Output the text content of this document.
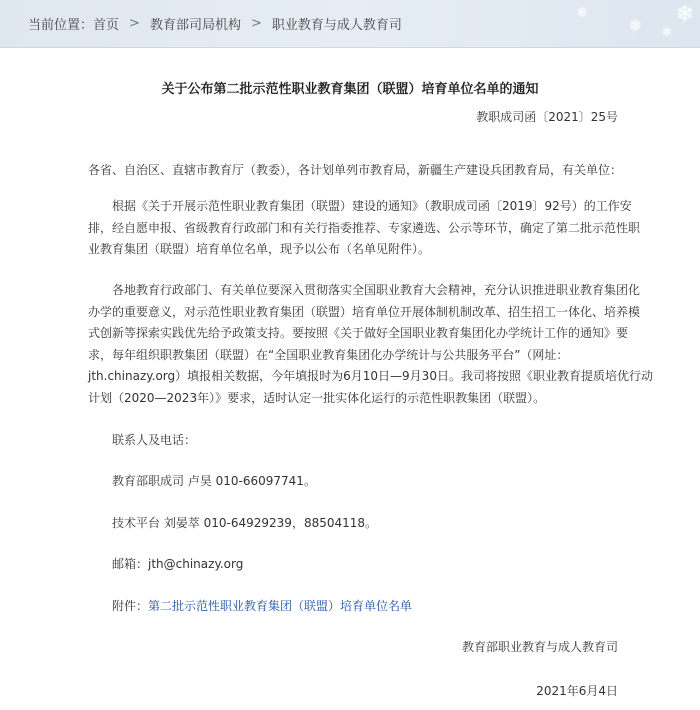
当前位置： 首页 > 教育部司局机构 > 职业教育与成人教育司	❄
❄
❄
❄
关于公布第二批示范性职业教育集团（联盟）培育单位名单的通知
教职成司函〔2021〕25号
各省、自治区、直辖市教育厅（教委），各计划单列市教育局，新疆生产建设兵团教育局，有关单位：
根据《关于开展示范性职业教育集团（联盟）建设的通知》（教职成司函〔2019〕92号）的工作安
排，经自愿申报、省级教育行政部门和有关行指委推荐、专家遴选、公示等环节，确定了第二批示范性职
业教育集团（联盟）培育单位名单，现予以公布（名单见附件）。
各地教育行政部门、有关单位要深入贯彻落实全国职业教育大会精神，充分认识推进职业教育集团化
办学的重要意义，对示范性职业教育集团（联盟）培育单位开展体制机制改革、招生招工一体化、培养模
式创新等探索实践优先给予政策支持。要按照《关于做好全国职业教育集团化办学统计工作的通知》要
求，每年组织职教集团（联盟）在“全国职业教育集团化办学统计与公共服务平台”（网址：
jth.chinazy.org）填报相关数据，今年填报时为6月10日—9月30日。我司将按照《职业教育提质培优行动
计划（2020—2023年）》要求，适时认定一批实体化运行的示范性职教集团（联盟）。
联系人及电话：
教育部职成司 卢昊 010-66097741。
技术平台 刘晏萃 010-64929239，88504118。
邮箱：jth@chinazy.org
附件：第二批示范性职业教育集团（联盟）培育单位名单
教育部职业教育与成人教育司
2021年6月4日
